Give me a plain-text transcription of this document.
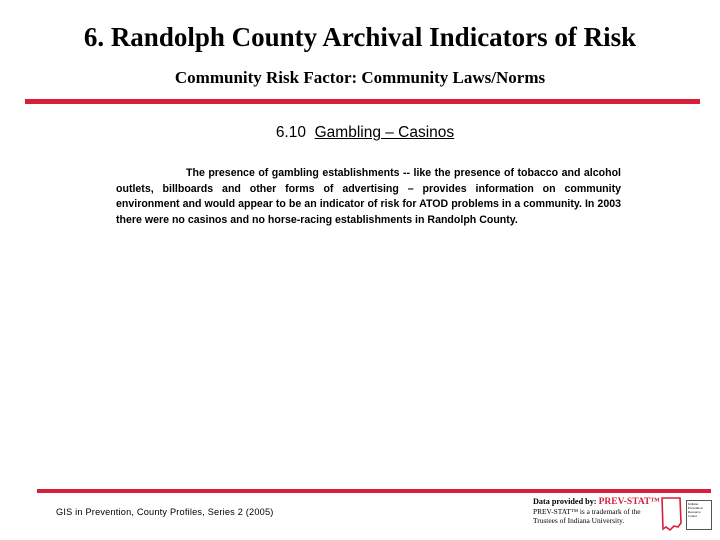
6. Randolph County Archival Indicators of Risk
Community Risk Factor: Community Laws/Norms
6.10 Gambling – Casinos
The presence of gambling establishments -- like the presence of tobacco and alcohol outlets, billboards and other forms of advertising – provides information on community environment and would appear to be an indicator of risk for ATOD problems in a community. In 2003 there were no casinos and no horse-racing establishments in Randolph County.
GIS in Prevention, County Profiles, Series 2 (2005)
Data provided by: PREV-STAT™
PREV-STAT™ is a trademark of the Trustees of Indiana University.
Indiana Prevention Resource Center
